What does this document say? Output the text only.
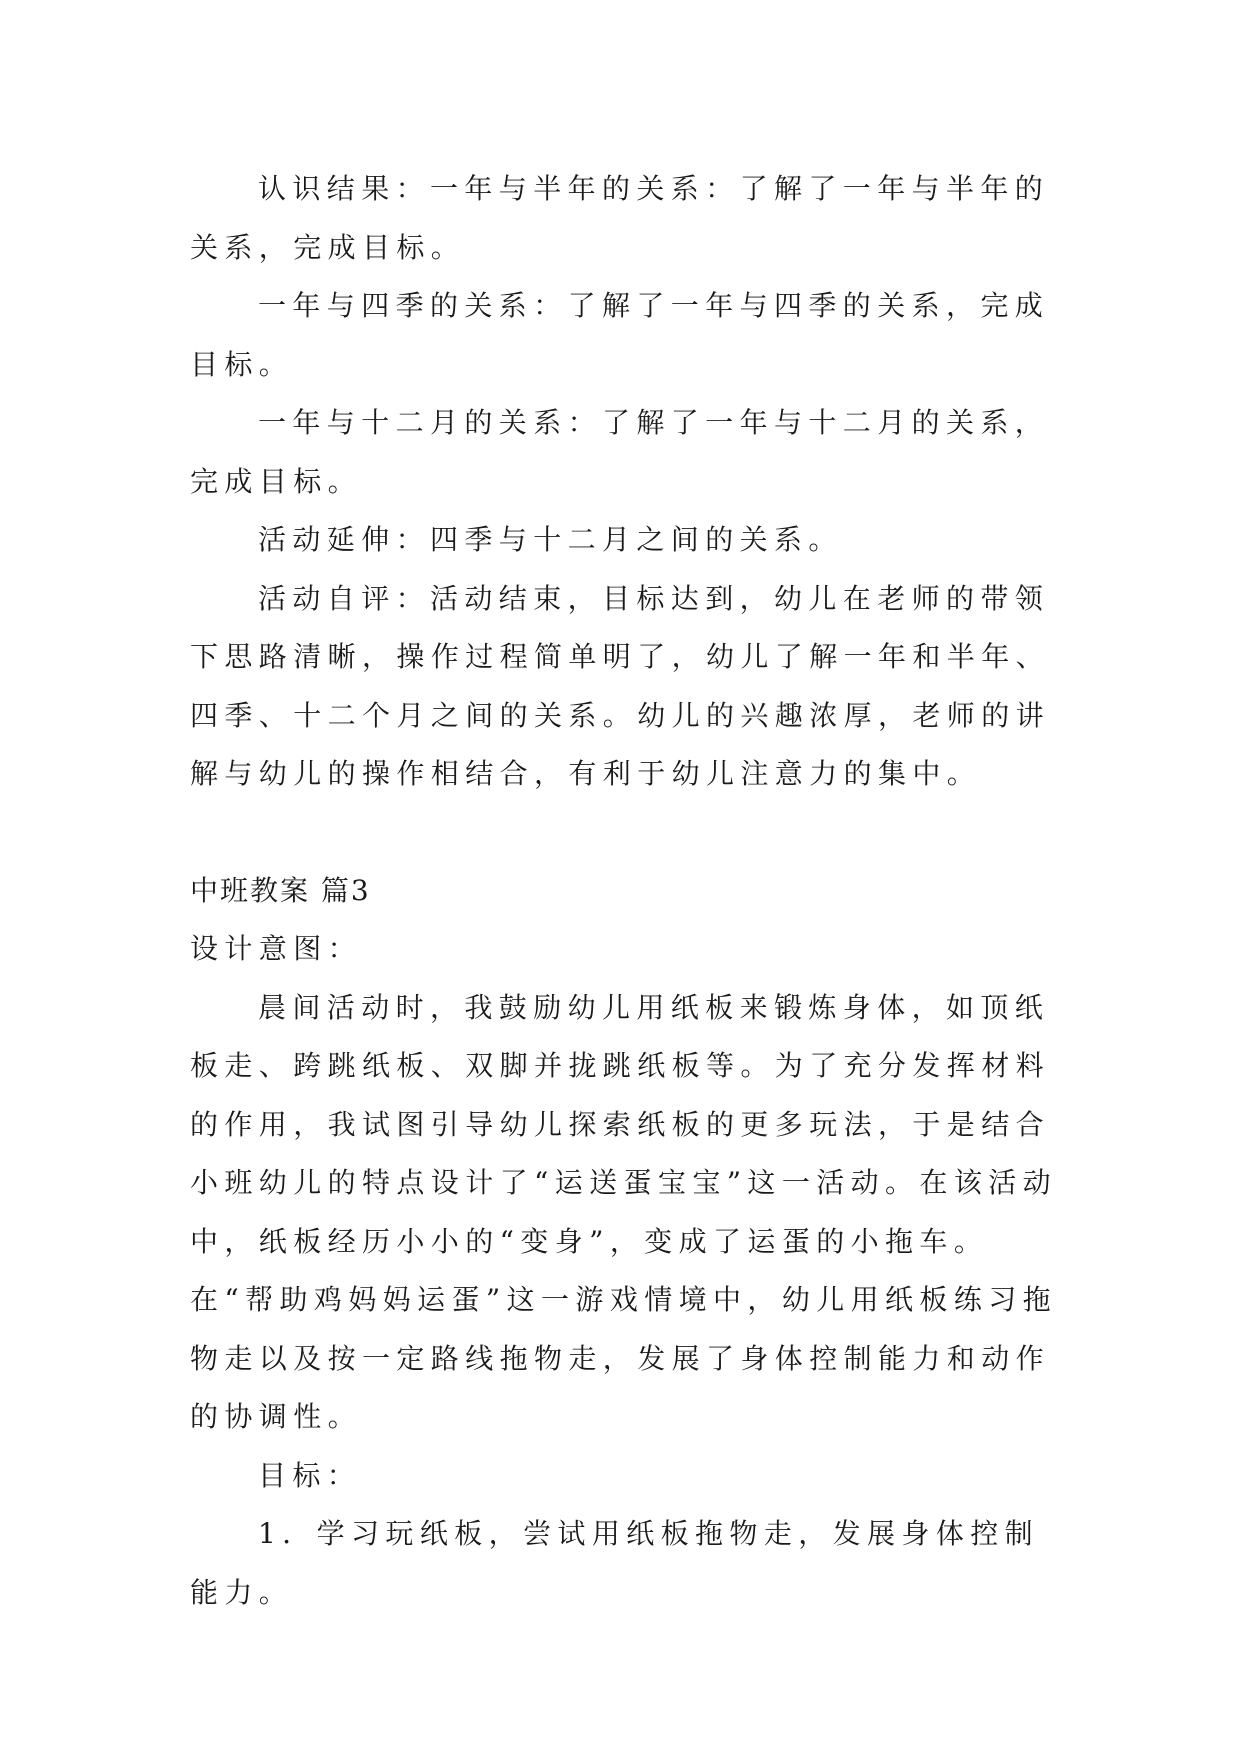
认识结果：一年与半年的关系：了解了一年与半年的关系，完成目标。

一年与四季的关系：了解了一年与四季的关系，完成目标。

一年与十二月的关系：了解了一年与十二月的关系，完成目标。

活动延伸：四季与十二月之间的关系。

活动自评：活动结束，目标达到，幼儿在老师的带领下思路清晰，操作过程简单明了，幼儿了解一年和半年、四季、十二个月之间的关系。幼儿的兴趣浓厚，老师的讲解与幼儿的操作相结合，有利于幼儿注意力的集中。

中班教案 篇3

设计意图：

晨间活动时，我鼓励幼儿用纸板来锻炼身体，如顶纸板走、跨跳纸板、双脚并拢跳纸板等。为了充分发挥材料的作用，我试图引导幼儿探索纸板的更多玩法，于是结合小班幼儿的特点设计了“运送蛋宝宝”这一活动。在该活动中，纸板经历小小的“变身”，变成了运蛋的小拖车。在“帮助鸡妈妈运蛋”这一游戏情境中，幼儿用纸板练习拖物走以及按一定路线拖物走，发展了身体控制能力和动作的协调性。

目标：

1．学习玩纸板，尝试用纸板拖物走，发展身体控制能力。
